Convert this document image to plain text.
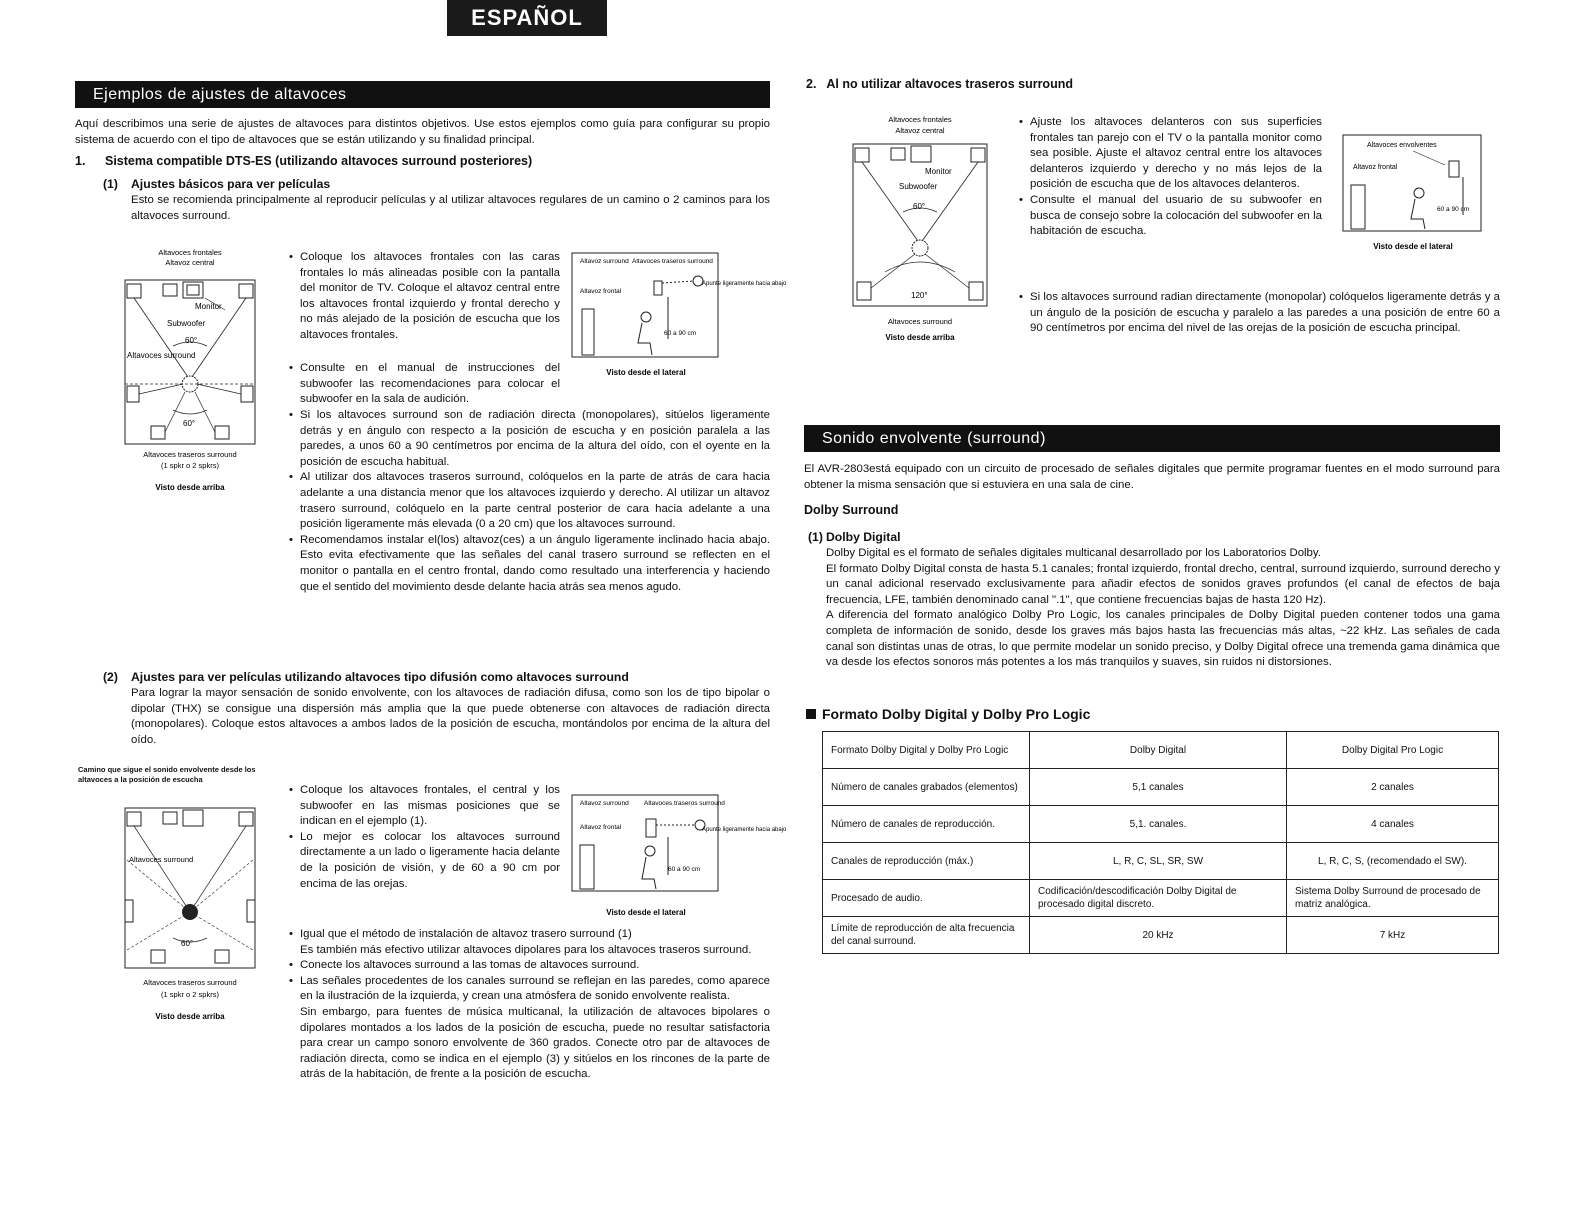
ESPAÑOL
Ejemplos de ajustes de altavoces

Aquí describimos una serie de ajustes de altavoces para distintos objetivos. Use estos ejemplos como guía para configurar su propio sistema de acuerdo con el tipo de altavoces que se están utilizando y su finalidad principal.

1.	Sistema compatible DTS-ES (utilizando altavoces surround posteriores)
(1)	Ajustes básicos para ver películas

Esto se recomienda principalmente al reproducir películas y al utilizar altavoces regulares de un camino o 2 caminos para los altavoces surround.

Altavoces frontales
Altavoz central
Monitor
Subwoofer
60°
Altavoces surround
60°
Altavoces traseros surround
(1 spkr o 2 spkrs)
Visto desde arriba
• Coloque los altavoces frontales con las caras frontales lo más alineadas posible con la pantalla del monitor de TV. Coloque el altavoz central entre los altavoces frontal izquierdo y frontal derecho y no más alejado de la posición de escucha que los altavoces frontales.
• Consulte en el manual de instrucciones del subwoofer las recomendaciones para colocar el subwoofer en la sala de audición.
• Si los altavoces surround son de radiación directa (monopolares), sitúelos ligeramente detrás y en ángulo con respecto a la posición de escucha y en posición paralela a las paredes, a unos 60 a 90 centímetros por encima de la altura del oído, con el oyente en la posición de escucha habitual.
• Al utilizar dos altavoces traseros surround, colóquelos en la parte de atrás de cara hacia adelante a una distancia menor que los altavoces izquierdo y derecho. Al utilizar un altavoz trasero surround, colóquelo en la parte central posterior de cara hacia adelante a una posición ligeramente más elevada (0 a 20 cm) que los altavoces surround.
• Recomendamos instalar el(los) altavoz(ces) a un ángulo ligeramente inclinado hacia abajo. Esto evita efectivamente que las señales del canal trasero surround se reflecten en el monitor o pantalla en el centro frontal, dando como resultado una interferencia y haciendo que el sentido del movimiento desde delante hacia atrás sea menos agudo.
Altavoz surround Altavoces traseros surround
Altavoz frontal
Apunte ligeramente hacia abajo
60 a 90 cm
Visto desde el lateral
(2)	Ajustes para ver películas utilizando altavoces tipo difusión como altavoces surround

Para lograr la mayor sensación de sonido envolvente, con los altavoces de radiación difusa, como son los de tipo bipolar o dipolar (THX) se consigue una dispersión más amplia que la que puede obtenerse con altavoces de radiación directa (monopolares). Coloque estos altavoces a ambos lados de la posición de escucha, montándolos por encima de la altura del oído.

Camino que sigue el sonido envolvente desde los altavoces a la posición de escucha
Altavoces surround
60°
Altavoces traseros surround
(1 spkr o 2 spkrs)
Visto desde arriba
• Coloque los altavoces frontales, el central y los subwoofer en las mismas posiciones que se indican en el ejemplo (1).
• Lo mejor es colocar los altavoces surround directamente a un lado o ligeramente hacia delante de la posición de visión, y de 60 a 90 cm por encima de las orejas.
• Igual que el método de instalación de altavoz trasero surround (1)
Es también más efectivo utilizar altavoces dipolares para los altavoces traseros surround.
• Conecte los altavoces surround a las tomas de altavoces surround.
• Las señales procedentes de los canales surround se reflejan en las paredes, como aparece en la ilustración de la izquierda, y crean una atmósfera de sonido envolvente realista.
Sin embargo, para fuentes de música multicanal, la utilización de altavoces bipolares o dipolares montados a los lados de la posición de escucha, puede no resultar satisfactoria para crear un campo sonoro envolvente de 360 grados. Conecte otro par de altavoces de radiación directa, como se indica en el ejemplo (3) y sitúelos en los rincones de la parte de atrás de la habitación, de frente a la posición de escucha.
Altavoz surround Altavoces traseros surround
Altavoz frontal	Apunte ligeramente hacia abajo
60 a 90 cm
Visto desde el lateral
2.   Al no utilizar altavoces traseros surround
Altavoces frontales
Altavoz central
Monitor
Subwoofer
60°
120°
Altavoces surround
Visto desde arriba
• Ajuste los altavoces delanteros con sus superficies frontales tan parejo con el TV o la pantalla monitor como sea posible. Ajuste el altavoz central entre los altavoces delanteros izquierdo y derecho y no más lejos de la posición de escucha que de los altavoces delanteros.
• Consulte el manual del usuario de su subwoofer en busca de consejo sobre la colocación del subwoofer en la habitación de escucha.
• Si los altavoces surround radian directamente (monopolar) colóquelos ligeramente detrás y a un ángulo de la posición de escucha y paralelo a las paredes a una posición de entre 60 a 90 centímetros por encima del nivel de las orejas de la posición de escucha principal.
Altavoces envolventes
Altavoz frontal
60 a 90 cm
Visto desde el lateral
Sonido envolvente (surround)

El AVR-2803está equipado con un circuito de procesado de señales digitales que permite programar fuentes en el modo surround para obtener la misma sensación que si estuviera en una sala de cine.

Dolby Surround
(1) Dolby Digital

Dolby Digital es el formato de señales digitales multicanal desarrollado por los Laboratorios Dolby.

El formato Dolby Digital consta de hasta 5.1 canales; frontal izquierdo, frontal drecho, central, surround izquierdo, surround derecho y un canal adicional reservado exclusivamente para añadir efectos de sonidos graves profundos (el canal de efectos de baja frecuencia, LFE, también denominado canal ".1", que contiene frecuencias bajas de hasta 120 Hz).

A diferencia del formato analógico Dolby Pro Logic, los canales principales de Dolby Digital pueden contener todos una gama completa de información de sonido, desde los graves más bajos hasta las frecuencias más altas, ~22 kHz. Las señales de cada canal son distintas unas de otras, lo que permite modelar un sonido preciso, y Dolby Digital ofrece una tremenda gama dinámica que va desde los efectos sonoros más potentes a los más tranquilos y suaves, sin ruidos ni distorsiones.

Formato Dolby Digital y Dolby Pro Logic
Formato Dolby Digital y Dolby Pro Logic	Dolby Digital	Dolby Digital Pro Logic
Número de canales grabados (elementos)	5,1 canales	2 canales
Número de canales de reproducción.	5,1. canales.	4 canales
Canales de reproducción (máx.)	L, R, C, SL, SR, SW	L, R, C, S, (recomendado el SW).
Procesado de audio.	Codificación/descodificación Dolby Digital de procesado digital discreto.	Sistema Dolby Surround de procesado de matriz analógica.
Límite de reproducción de alta frecuencia del canal surround.	20 kHz	7 kHz
